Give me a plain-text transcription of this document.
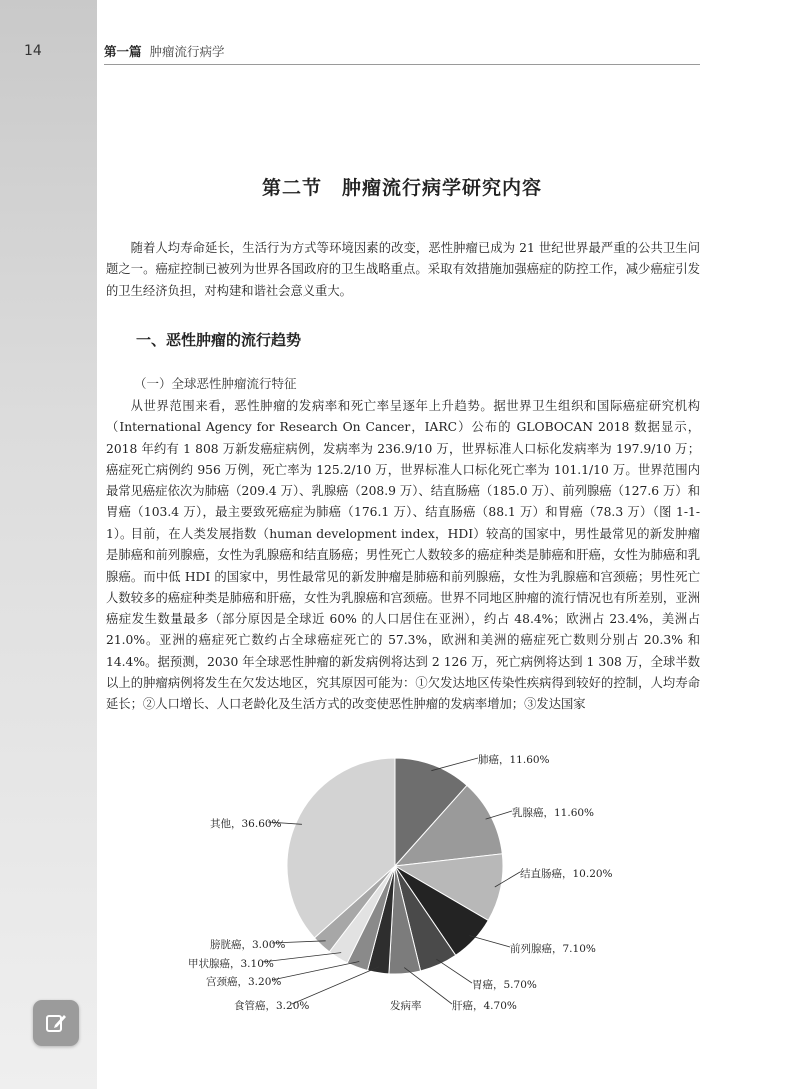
14	第一篇 肿瘤流行病学
第二节 肿瘤流行病学研究内容

随着人均寿命延长，生活行为方式等环境因素的改变，恶性肿瘤已成为 21 世纪世界最严重的公共卫生问题之一。癌症控制已被列为世界各国政府的卫生战略重点。采取有效措施加强癌症的防控工作，减少癌症引发的卫生经济负担，对构建和谐社会意义重大。

一、恶性肿瘤的流行趋势
（一）全球恶性肿瘤流行特征

从世界范围来看，恶性肿瘤的发病率和死亡率呈逐年上升趋势。据世界卫生组织和国际癌症研究机构（International Agency for Research On Cancer，IARC）公布的 GLOBOCAN 2018 数据显示，2018 年约有 1 808 万新发癌症病例，发病率为 236.9/10 万，世界标准人口标化发病率为 197.9/10 万；癌症死亡病例约 956 万例，死亡率为 125.2/10 万，世界标准人口标化死亡率为 101.1/10 万。世界范围内最常见癌症依次为肺癌（209.4 万）、乳腺癌（208.9 万）、结直肠癌（185.0 万）、前列腺癌（127.6 万）和胃癌（103.4 万），最主要致死癌症为肺癌（176.1 万）、结直肠癌（88.1 万）和胃癌（78.3 万）（图 1-1-1）。

目前，在人类发展指数（human development index，HDI）较高的国家中，男性最常见的新发肿瘤是肺癌和前列腺癌，女性为乳腺癌和结直肠癌；男性死亡人数较多的癌症种类是肺癌和肝癌，女性为肺癌和乳腺癌。而中低 HDI 的国家中，男性最常见的新发肿瘤是肺癌和前列腺癌，女性为乳腺癌和宫颈癌；男性死亡人数较多的癌症种类是肺癌和肝癌，女性为乳腺癌和宫颈癌。世界不同地区肿瘤的流行情况也有所差别，亚洲癌症发生数量最多（部分原因是全球近 60% 的人口居住在亚洲），约占 48.4%；欧洲占 23.4%，美洲占 21.0%。亚洲的癌症死亡数约占全球癌症死亡的 57.3%，欧洲和美洲的癌症死亡数则分别占 20.3% 和 14.4%。据预测，2030 年全球恶性肿瘤的新发病例将达到 2 126 万，死亡病例将达到 1 308 万，全球半数以上的肿瘤病例将发生在欠发达地区，究其原因可能为：①欠发达地区传染性疾病得到较好的控制，人均寿命延长；②人口增长、人口老龄化及生活方式的改变使恶性肿瘤的发病率增加；③发达国家

肺癌，11.60%
乳腺癌，11.60%
结直肠癌，10.20%
前列腺癌，7.10%
胃癌，5.70%
肝癌，4.70%
发病率
食管癌，3.20%
宫颈癌，3.20%
甲状腺癌，3.10%
膀胱癌，3.00%
其他，36.60%
